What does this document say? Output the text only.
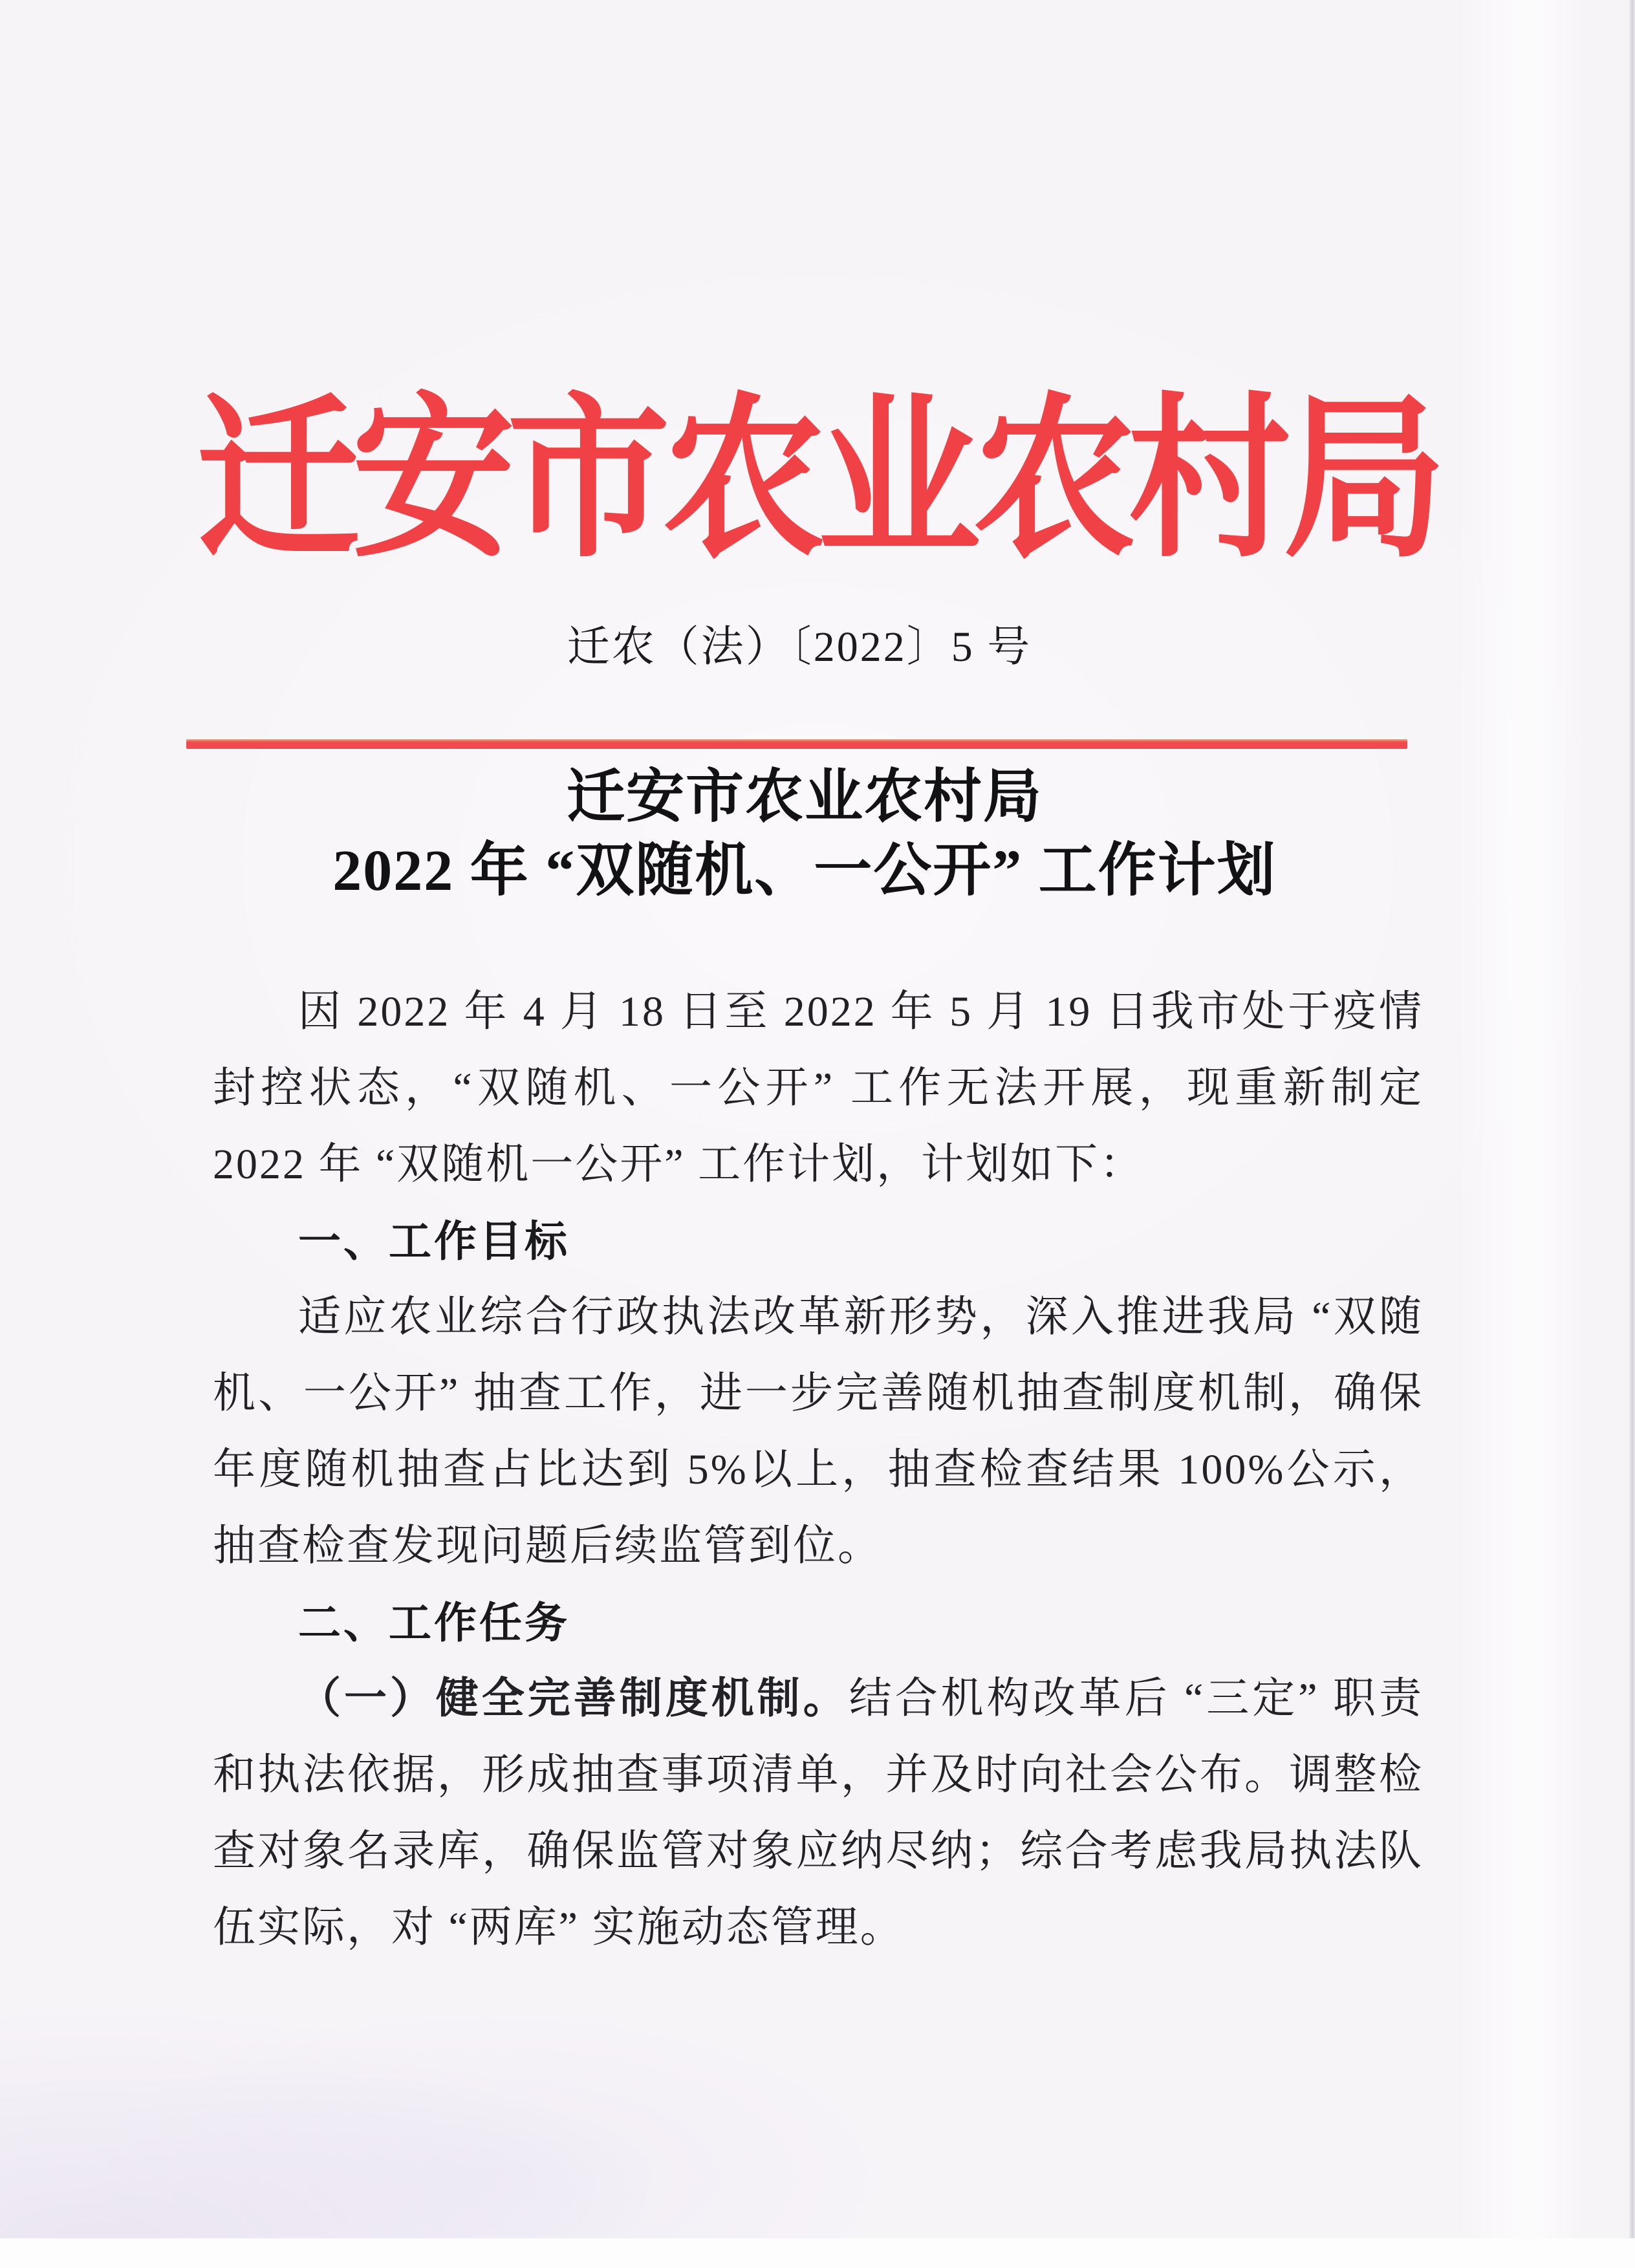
迁安市农业农村局
迁农（法）〔2022〕5 号
迁安市农业农村局
2022 年 “双随机、一公开” 工作计划

因 2022 年 4 月 18 日至 2022 年 5 月 19 日我市处于疫情封控状态，“双随机、一公开” 工作无法开展，现重新制定 2022 年 “双随机一公开” 工作计划，计划如下：

一、工作目标

适应农业综合行政执法改革新形势，深入推进我局 “双随机、一公开” 抽查工作，进一步完善随机抽查制度机制，确保年度随机抽查占比达到 5%以上，抽查检查结果 100%公示，抽查检查发现问题后续监管到位。

二、工作任务

（一）健全完善制度机制。结合机构改革后 “三定” 职责和执法依据，形成抽查事项清单，并及时向社会公布。调整检查对象名录库，确保监管对象应纳尽纳；综合考虑我局执法队伍实际，对 “两库” 实施动态管理。
